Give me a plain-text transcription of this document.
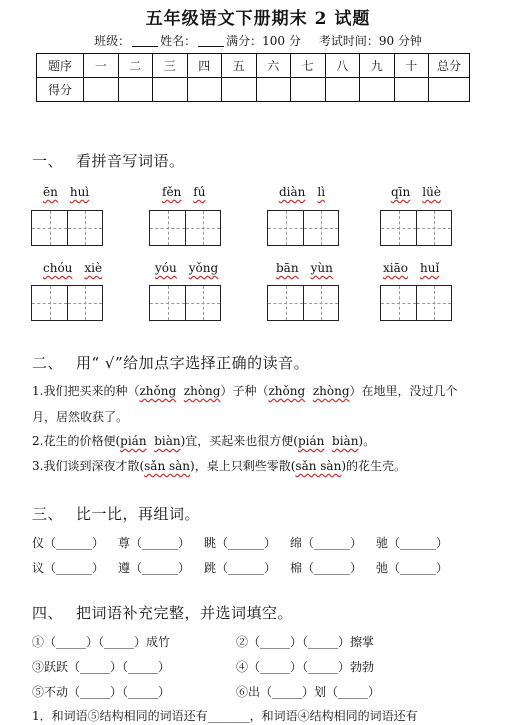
五年级语文下册期末 2 试题
班级：	姓名：	满分：100 分 考试时间：90 分钟
题序	一	二	三	四	五	六	七	八	九	十	总分
得分											
一、 看拼音写词语。
ēn huì	fěn fú	diàn lì	qīn lüè
chóu xiè	yóu yǒng	bān yùn	xiāo huǐ
二、 用“ √”给加点字选择正确的读音。
1.我们把买来的种（zhǒng zhòng）子种（zhǒng zhòng）在地里，没过几个
月，居然收获了。
2.花生的价格便(pián biàn)宜，买起来也很方便(pián biàn)。
3.我们谈到深夜才散(sǎn sàn)，桌上只剩些零散(sǎn sàn)的花生壳。
三、 比一比，再组词。
仪（______） 尊（______） 眺（______） 绵（______） 驰（______）
议（______） 遵（______） 跳（______） 棉（______） 弛（______）
四、 把词语补充完整，并选词填空。
①（_____）（_____）成竹	②（_____）（_____）擦掌
③跃跃（_____）（_____）	④（_____）（_____）勃勃
⑤不动（_____）（_____）	⑥出（_____）划（_____）
1．和词语⑤结构相同的词语还有_______，和词语④结构相同的词语还有
